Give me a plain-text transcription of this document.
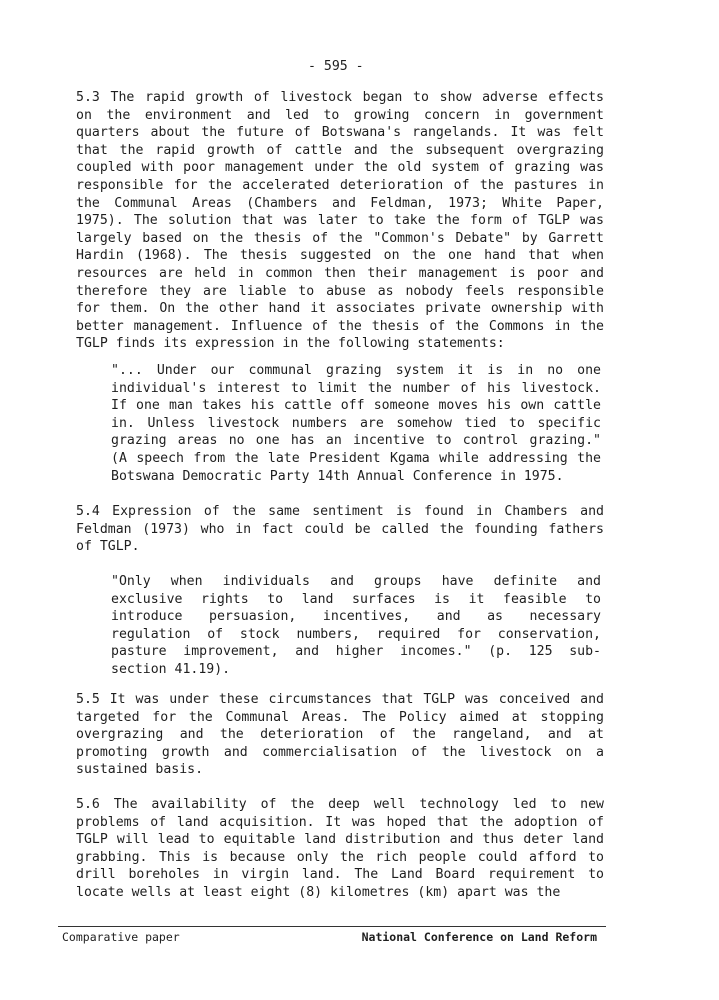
- 595 -
5.3 The rapid growth of livestock began to show adverse effects
on the environment and led to growing concern in government
quarters about the future of Botswana's rangelands. It was felt
that the rapid growth of cattle and the subsequent overgrazing
coupled with poor management under the old system of grazing was
responsible for the accelerated deterioration of the pastures in
the Communal Areas (Chambers and Feldman, 1973; White Paper,
1975). The solution that was later to take the form of TGLP was
largely based on the thesis of the "Common's Debate" by Garrett
Hardin (1968). The thesis suggested on the one hand that when
resources are held in common then their management is poor and
therefore they are liable to abuse as nobody feels responsible
for them. On the other hand it associates private ownership with
better management. Influence of the thesis of the Commons in the
TGLP finds its expression in the following statements:
"... Under our communal grazing system it is in no one
individual's interest to limit the number of his livestock.
If one man takes his cattle off someone moves his own cattle
in. Unless livestock numbers are somehow tied to specific
grazing areas no one has an incentive to control grazing."
(A speech from the late President Kgama while addressing the
Botswana Democratic Party 14th Annual Conference in 1975.
5.4 Expression of the same sentiment is found in Chambers and
Feldman (1973) who in fact could be called the founding fathers
of TGLP.
"Only when individuals and groups have definite and
exclusive rights to land surfaces is it feasible to
introduce persuasion, incentives, and as necessary
regulation of stock numbers, required for conservation,
pasture improvement, and higher incomes." (p. 125 sub-
section 41.19).
5.5 It was under these circumstances that TGLP was conceived and
targeted for the Communal Areas. The Policy aimed at stopping
overgrazing and the deterioration of the rangeland, and at
promoting growth and commercialisation of the livestock on a
sustained basis.
5.6 The availability of the deep well technology led to new
problems of land acquisition. It was hoped that the adoption of
TGLP will lead to equitable land distribution and thus deter land
grabbing. This is because only the rich people could afford to
drill boreholes in virgin land. The Land Board requirement to
locate wells at least eight (8) kilometres (km) apart was the
Comparative paper	National Conference on Land Reform
